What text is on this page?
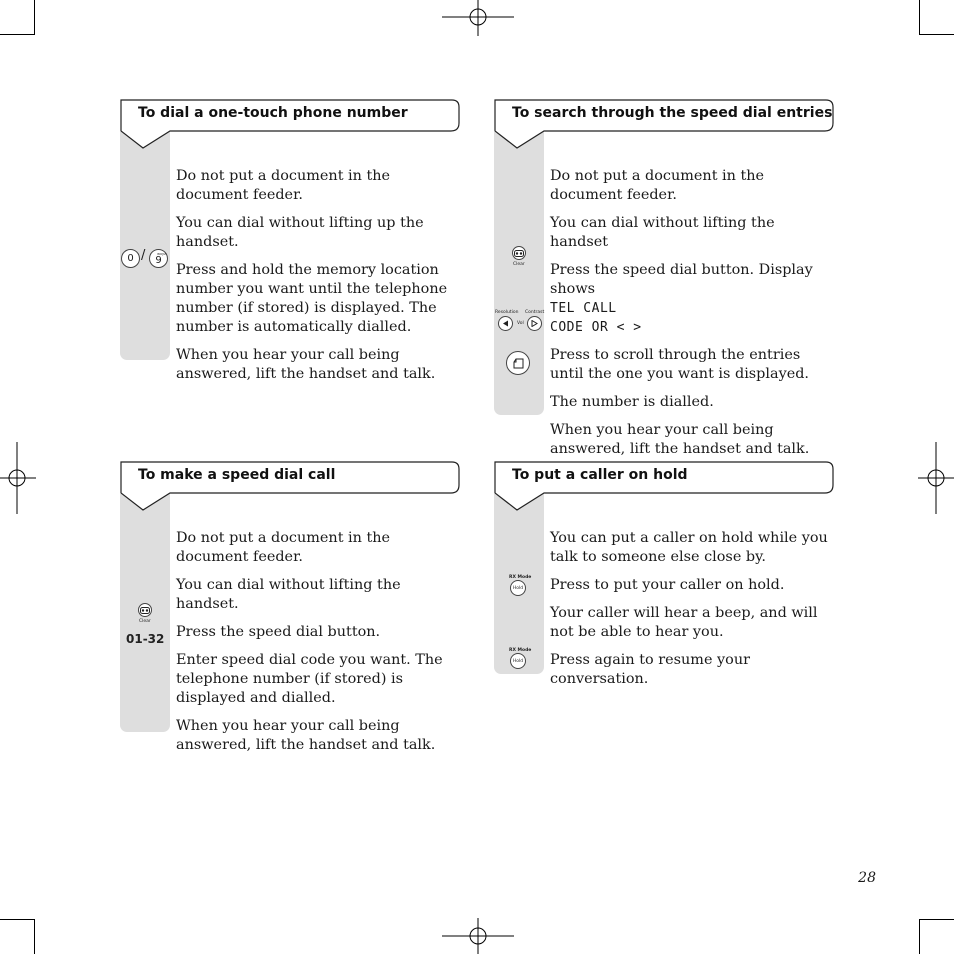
To dial a one-touch phone number

Do not put a document in the document feeder.

You can dial without lifting up the handset.

Press and hold the memory location number you want until the telephone number (if stored) is displayed. The number is automatically dialled.

When you hear your call being answered, lift the handset and talk.

0 /	wxyz
9
To search through the speed dial entries

Do not put a document in the document feeder.

You can dial without lifting the handset

Press the speed dial button. Display shows
TEL CALL
CODE OR < >

Press to scroll through the entries until the one you want is displayed.

The number is dialled.

When you hear your call being answered, lift the handset and talk.

Clear
Resolution Contrast
Vol
To make a speed dial call

Do not put a document in the document feeder.

You can dial without lifting the handset.

Press the speed dial button.

Enter speed dial code you want. The telephone number (if stored) is displayed and dialled.

When you hear your call being answered, lift the handset and talk.

Clear
01-32
To put a caller on hold

You can put a caller on hold while you talk to someone else close by.

Press to put your caller on hold.

Your caller will hear a beep, and will not be able to hear you.

Press again to resume your conversation.

RX Mode
Hold
RX Mode
Hold
28
